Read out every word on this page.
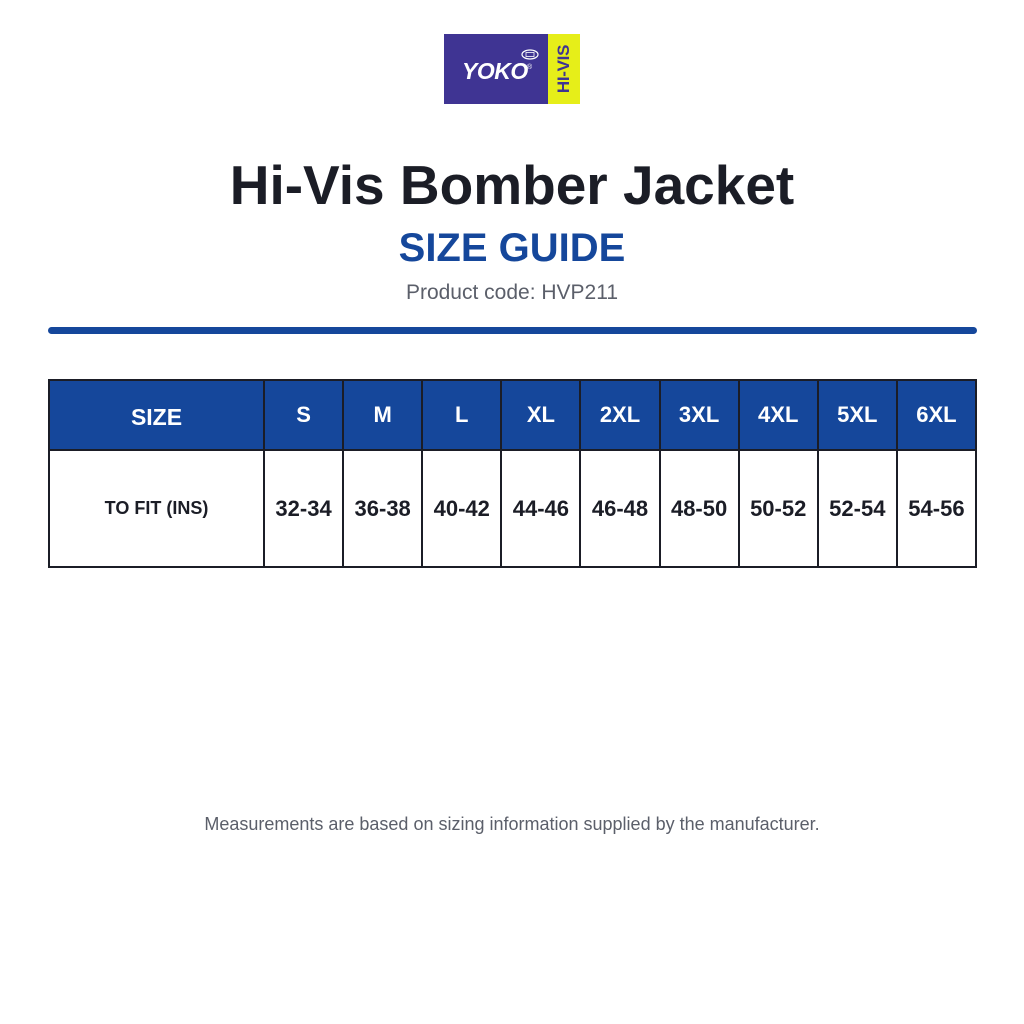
YOKO ® HI-VIS
Hi-Vis Bomber Jacket
SIZE GUIDE
Product code: HVP211
SIZE	S	M	L	XL	2XL	3XL	4XL	5XL	6XL
TO FIT (INS)	32-34	36-38	40-42	44-46	46-48	48-50	50-52	52-54	54-56
Measurements are based on sizing information supplied by the manufacturer.
